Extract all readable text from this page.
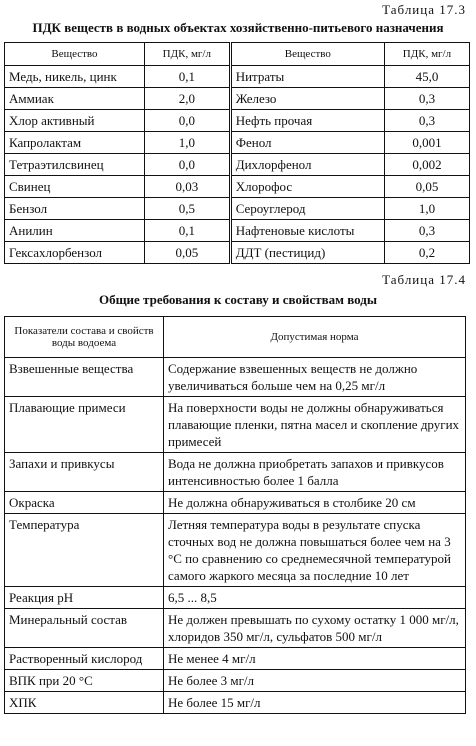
Таблица 17.3
ПДК веществ в водных объектах хозяйственно-питьевого назначения
Вещество	ПДК, мг/л	Вещество	ПДК, мг/л
Медь, никель, цинк	0,1	Нитраты	45,0
Аммиак	2,0	Железо	0,3
Хлор активный	0,0	Нефть прочая	0,3
Капролактам	1,0	Фенол	0,001
Тетраэтилсвинец	0,0	Дихлорфенол	0,002
Свинец	0,03	Хлорофос	0,05
Бензол	0,5	Сероуглерод	1,0
Анилин	0,1	Нафтеновые кислоты	0,3
Гексахлорбензол	0,05	ДДТ (пестицид)	0,2
Таблица 17.4
Общие требования к составу и свойствам воды
Показатели состава и свойств воды водоема	Допустимая норма
Взвешенные вещества	Содержание взвешенных веществ не должно увеличиваться больше чем на 0,25 мг/л
Плавающие примеси	На поверхности воды не должны обнаруживаться плавающие пленки, пятна масел и скопление других примесей
Запахи и привкусы	Вода не должна приобретать запахов и привкусов интенсивностью более 1 балла
Окраска	Не должна обнаруживаться в столбике 20 см
Температура	Летняя температура воды в результате спуска сточных вод не должна повышаться более чем на 3 °С по сравнению со среднемесячной температурой самого жаркого месяца за последние 10 лет
Реакция рН	6,5 ... 8,5
Минеральный состав	Не должен превышать по сухому остатку 1 000 мг/л, хлоридов 350 мг/л, сульфатов 500 мг/л
Растворенный кислород	Не менее 4 мг/л
ВПК при 20 °С	Не более 3 мг/л
ХПК	Не более 15 мг/л
